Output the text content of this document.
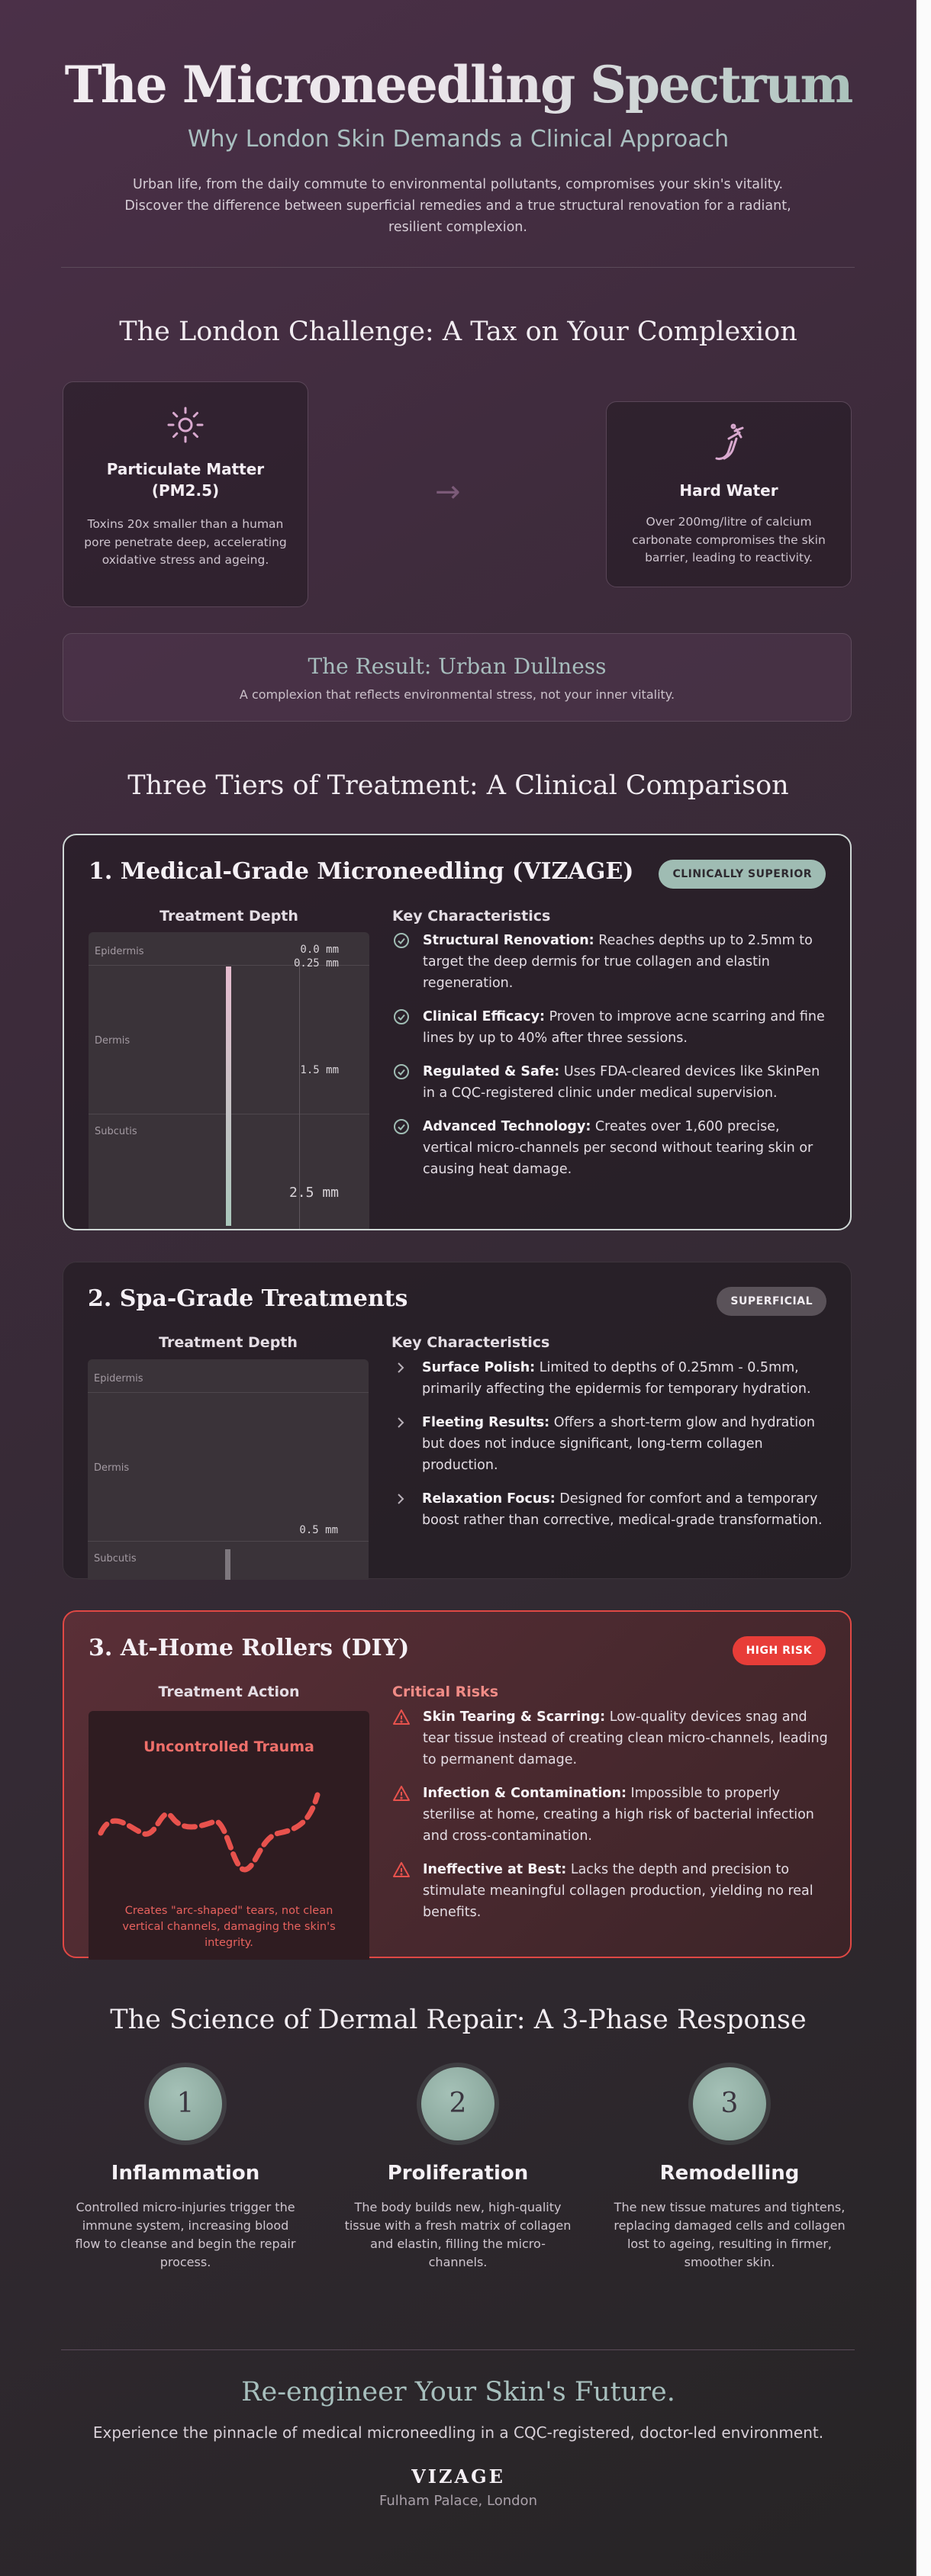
The Microneedling Spectrum
Why London Skin Demands a Clinical Approach
Urban life, from the daily commute to environmental pollutants, compromises your skin's vitality. Discover the difference between superficial remedies and a true structural renovation for a radiant, resilient complexion.
The London Challenge: A Tax on Your Complexion
Particulate Matter (PM2.5)
Toxins 20x smaller than a human pore penetrate deep, accelerating oxidative stress and ageing.
→	Hard Water
Over 200mg/litre of calcium carbonate compromises the skin barrier, leading to reactivity.
The Result: Urban Dullness
A complexion that reflects environmental stress, not your inner vitality.
Three Tiers of Treatment: A Clinical Comparison
1. Medical-Grade Microneedling (VIZAGE)	CLINICALLY SUPERIOR
Treatment Depth	Key Characteristics
Epidermis
Dermis
Subcutis
0.0 mm
0.25 mm
1.5 mm
2.5 mm
Structural Renovation: Reaches depths up to 2.5mm to target the deep dermis for true collagen and elastin regeneration.
Clinical Efficacy: Proven to improve acne scarring and fine lines by up to 40% after three sessions.
Regulated & Safe: Uses FDA-cleared devices like SkinPen in a CQC-registered clinic under medical supervision.
Advanced Technology: Creates over 1,600 precise, vertical micro-channels per second without tearing skin or causing heat damage.
2. Spa-Grade Treatments	SUPERFICIAL
Treatment Depth	Key Characteristics
Epidermis
Dermis
Subcutis
0.5 mm
Surface Polish: Limited to depths of 0.25mm - 0.5mm, primarily affecting the epidermis for temporary hydration.
Fleeting Results: Offers a short-term glow and hydration but does not induce significant, long-term collagen production.
Relaxation Focus: Designed for comfort and a temporary boost rather than corrective, medical-grade transformation.
3. At-Home Rollers (DIY)	HIGH RISK
Treatment Action	Critical Risks
Uncontrolled Trauma
Creates "arc-shaped" tears, not clean vertical channels, damaging the skin's integrity.
Skin Tearing & Scarring: Low-quality devices snag and tear tissue instead of creating clean micro-channels, leading to permanent damage.
Infection & Contamination: Impossible to properly sterilise at home, creating a high risk of bacterial infection and cross-contamination.
Ineffective at Best: Lacks the depth and precision to stimulate meaningful collagen production, yielding no real benefits.
The Science of Dermal Repair: A 3-Phase Response
1
Inflammation
Controlled micro-injuries trigger the immune system, increasing blood flow to cleanse and begin the repair process.
2
Proliferation
The body builds new, high-quality tissue with a fresh matrix of collagen and elastin, filling the micro-channels.
3
Remodelling
The new tissue matures and tightens, replacing damaged cells and collagen lost to ageing, resulting in firmer, smoother skin.
Re-engineer Your Skin's Future.
Experience the pinnacle of medical microneedling in a CQC-registered, doctor-led environment.
VIZAGE
Fulham Palace, London
